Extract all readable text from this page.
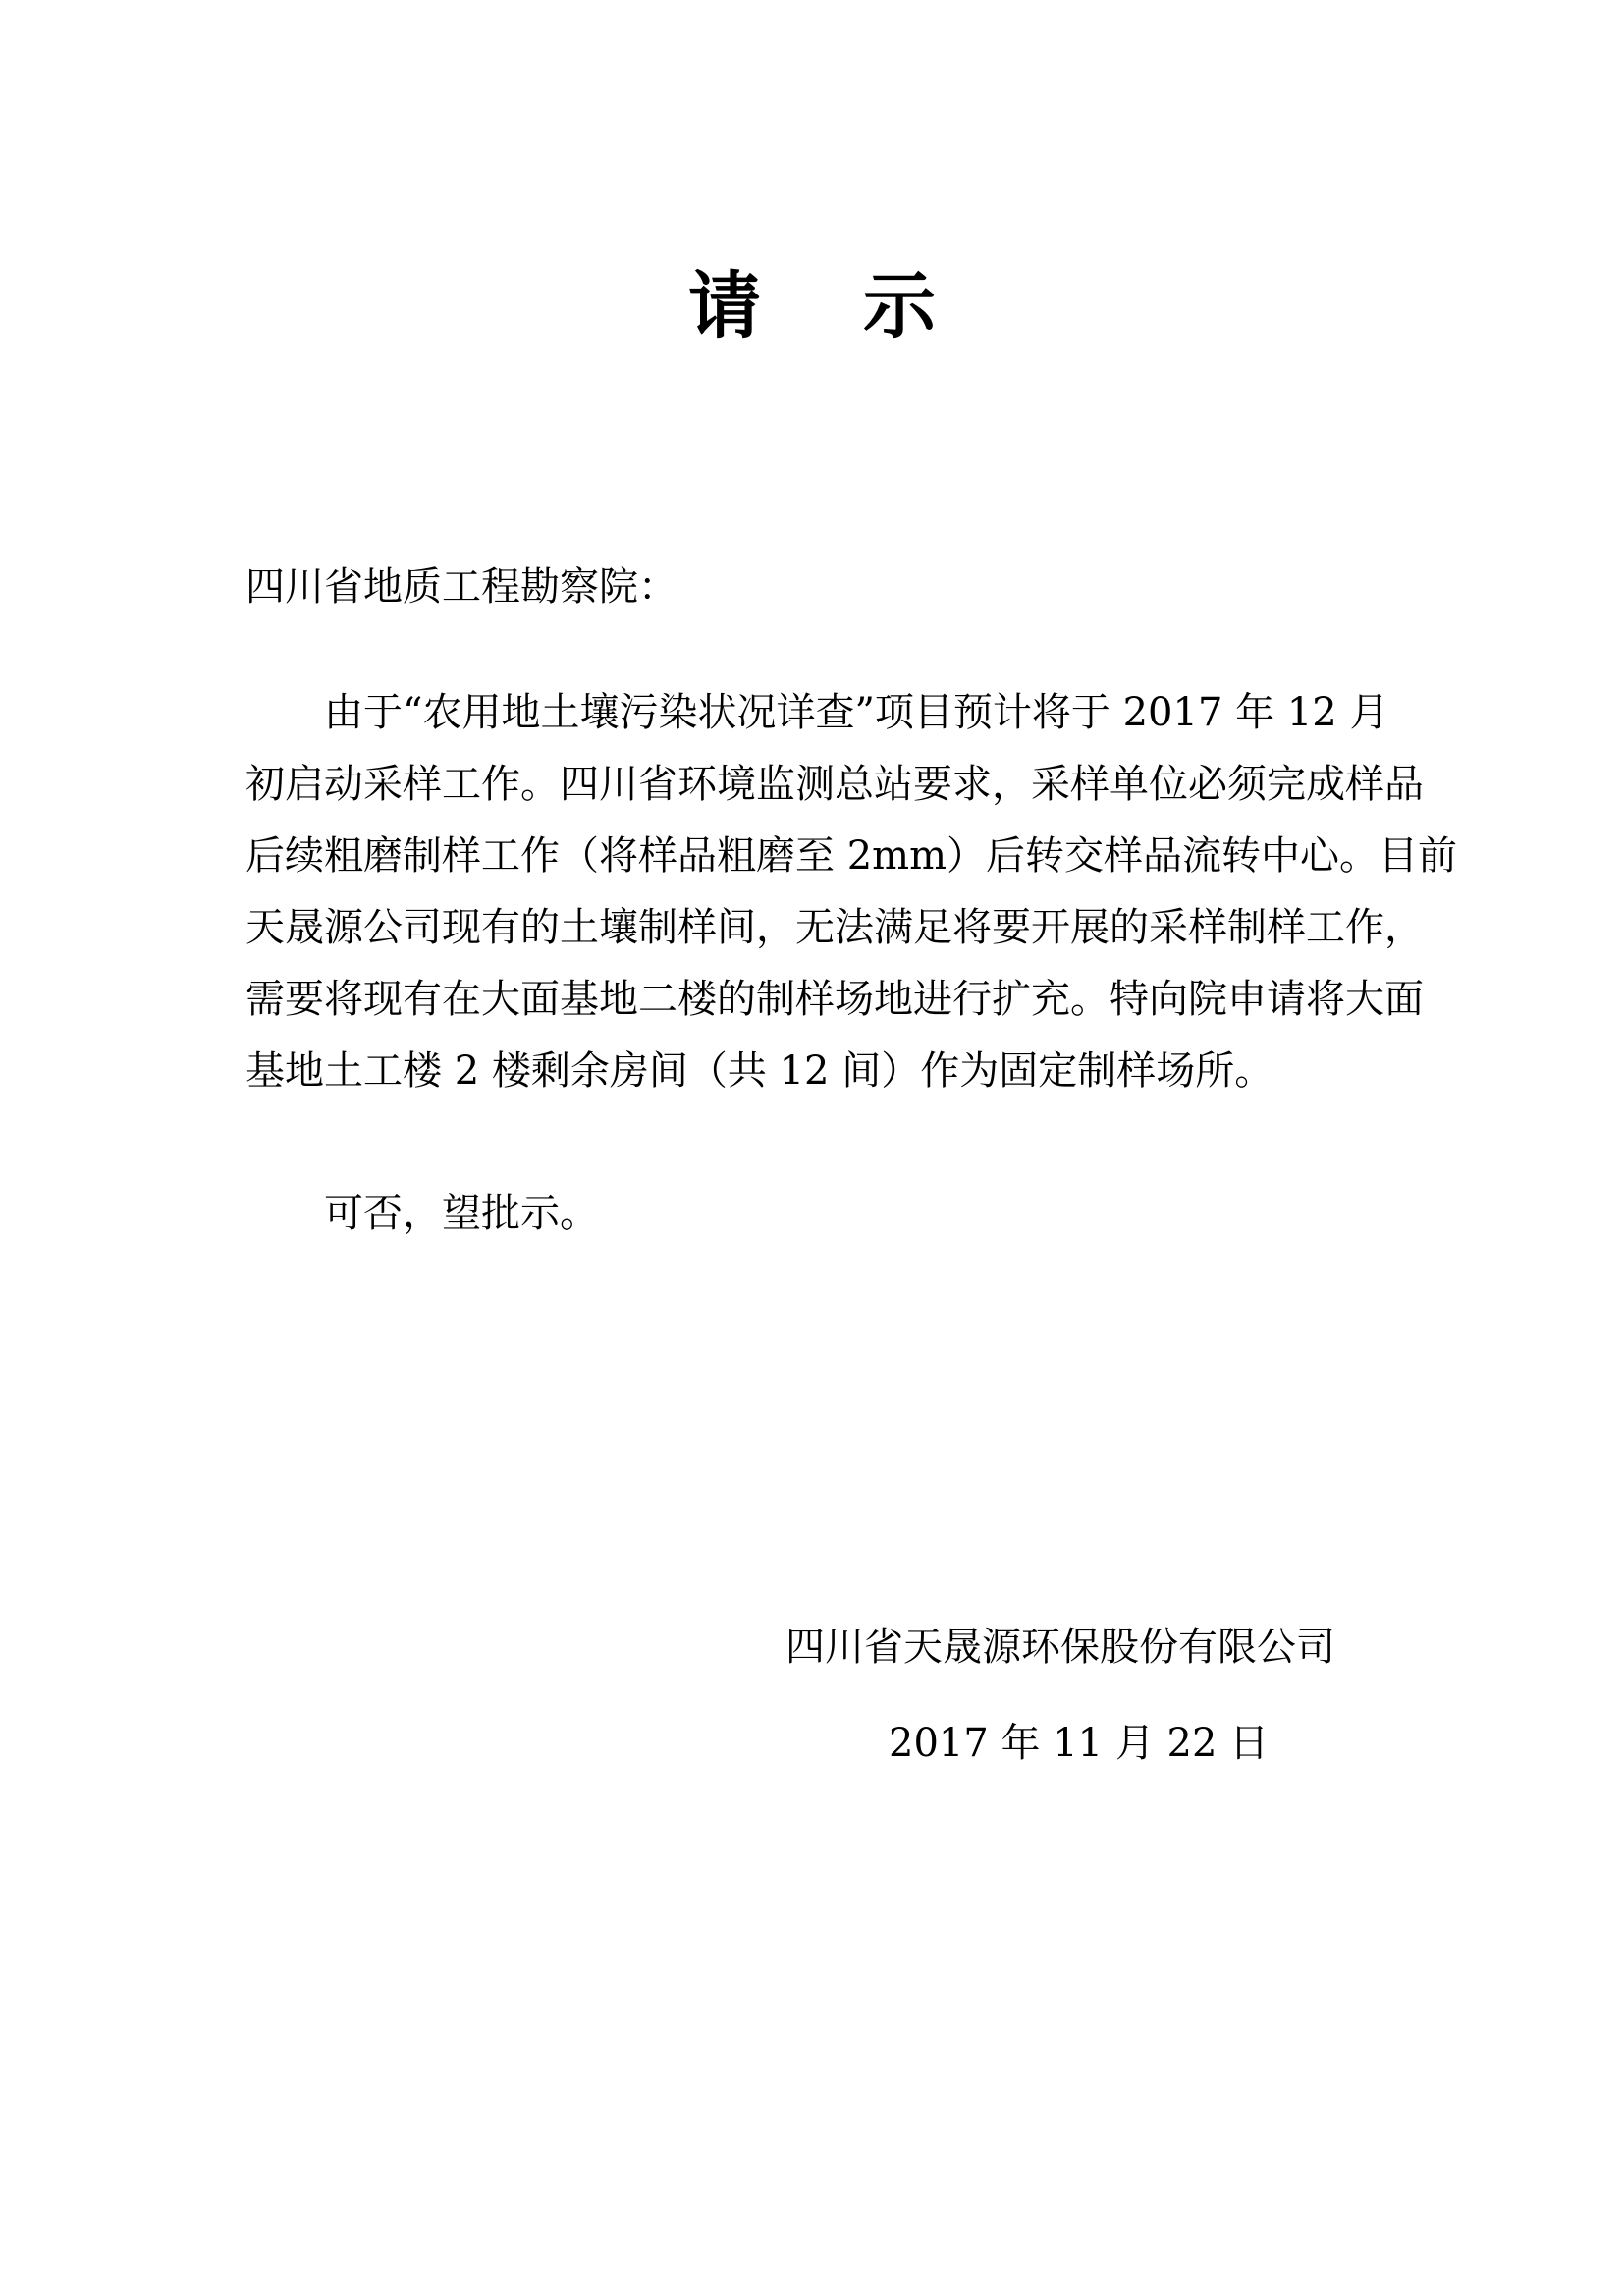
请示
四川省地质工程勘察院：
由于“农用地土壤污染状况详查”项目预计将于 2017 年 12 月
初启动采样工作。四川省环境监测总站要求，采样单位必须完成样品
后续粗磨制样工作（将样品粗磨至 2mm）后转交样品流转中心。目前
天晟源公司现有的土壤制样间，无法满足将要开展的采样制样工作，
需要将现有在大面基地二楼的制样场地进行扩充。特向院申请将大面
基地土工楼 2 楼剩余房间（共 12 间）作为固定制样场所。
可否，望批示。
四川省天晟源环保股份有限公司
2017 年 11 月 22 日
